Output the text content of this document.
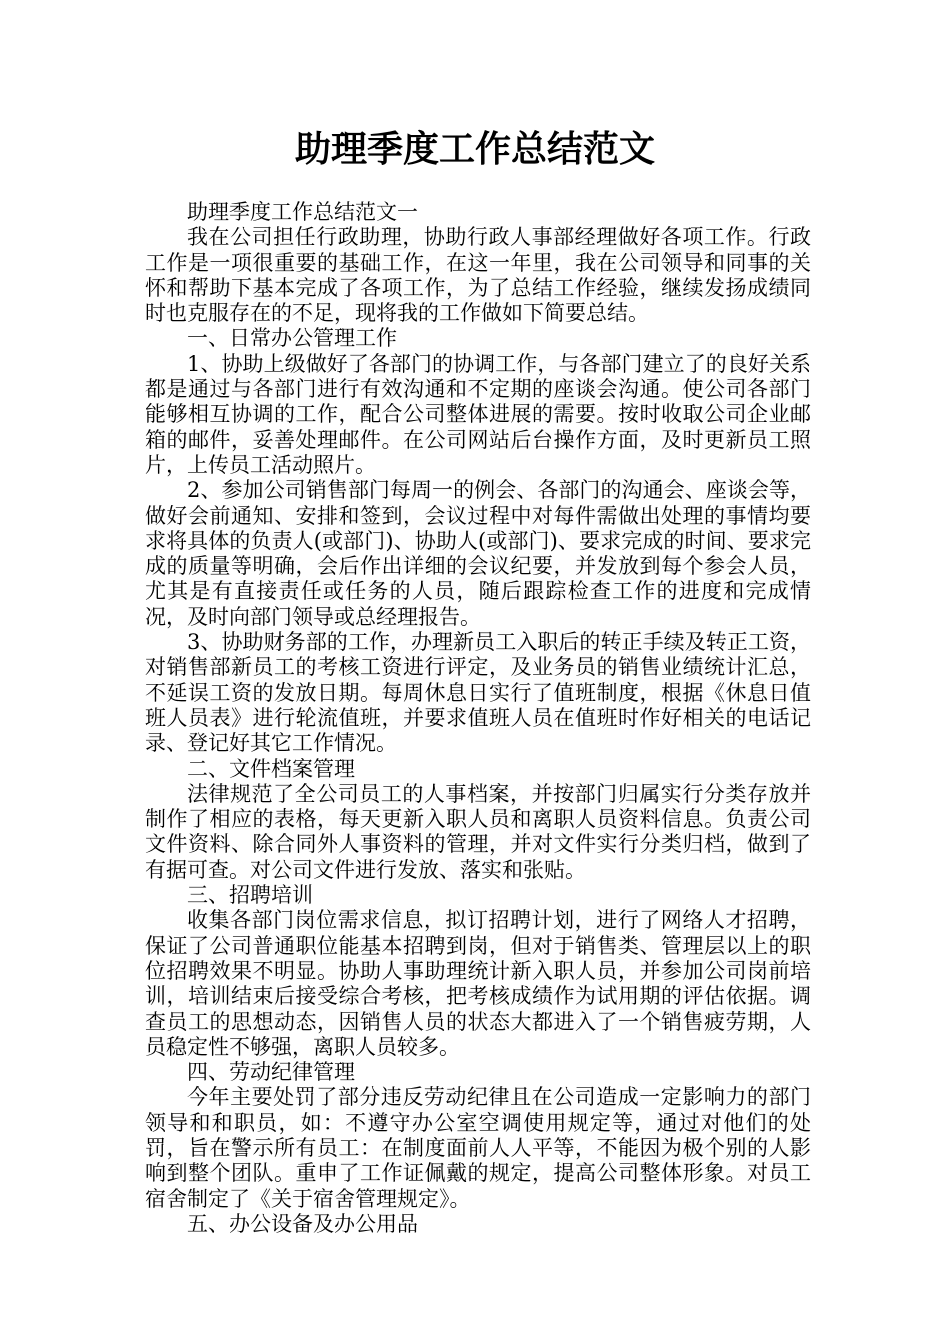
助理季度工作总结范文

助理季度工作总结范文一

我在公司担任行政助理，协助行政人事部经理做好各项工作。行政工作是一项很重要的基础工作，在这一年里，我在公司领导和同事的关怀和帮助下基本完成了各项工作，为了总结工作经验，继续发扬成绩同时也克服存在的不足，现将我的工作做如下简要总结。

一、日常办公管理工作

1、协助上级做好了各部门的协调工作，与各部门建立了的良好关系都是通过与各部门进行有效沟通和不定期的座谈会沟通。使公司各部门能够相互协调的工作，配合公司整体进展的需要。按时收取公司企业邮箱的邮件，妥善处理邮件。在公司网站后台操作方面，及时更新员工照片，上传员工活动照片。

2、参加公司销售部门每周一的例会、各部门的沟通会、座谈会等，做好会前通知、安排和签到，会议过程中对每件需做出处理的事情均要求将具体的负责人(或部门)、协助人(或部门)、要求完成的时间、要求完成的质量等明确，会后作出详细的会议纪要，并发放到每个参会人员，尤其是有直接责任或任务的人员，随后跟踪检查工作的进度和完成情况，及时向部门领导或总经理报告。

3、协助财务部的工作，办理新员工入职后的转正手续及转正工资，对销售部新员工的考核工资进行评定，及业务员的销售业绩统计汇总，不延误工资的发放日期。每周休息日实行了值班制度，根据《休息日值班人员表》进行轮流值班，并要求值班人员在值班时作好相关的电话记录、登记好其它工作情况。

二、文件档案管理

法律规范了全公司员工的人事档案，并按部门归属实行分类存放并制作了相应的表格，每天更新入职人员和离职人员资料信息。负责公司文件资料、除合同外人事资料的管理，并对文件实行分类归档，做到了有据可查。对公司文件进行发放、落实和张贴。

三、招聘培训

收集各部门岗位需求信息，拟订招聘计划，进行了网络人才招聘，保证了公司普通职位能基本招聘到岗，但对于销售类、管理层以上的职位招聘效果不明显。协助人事助理统计新入职人员，并参加公司岗前培训，培训结束后接受综合考核，把考核成绩作为试用期的评估依据。调查员工的思想动态，因销售人员的状态大都进入了一个销售疲劳期，人员稳定性不够强，离职人员较多。

四、劳动纪律管理

今年主要处罚了部分违反劳动纪律且在公司造成一定影响力的部门领导和和职员，如：不遵守办公室空调使用规定等，通过对他们的处罚，旨在警示所有员工：在制度面前人人平等，不能因为极个别的人影响到整个团队。重申了工作证佩戴的规定，提高公司整体形象。对员工宿舍制定了《关于宿舍管理规定》。

五、办公设备及办公用品
